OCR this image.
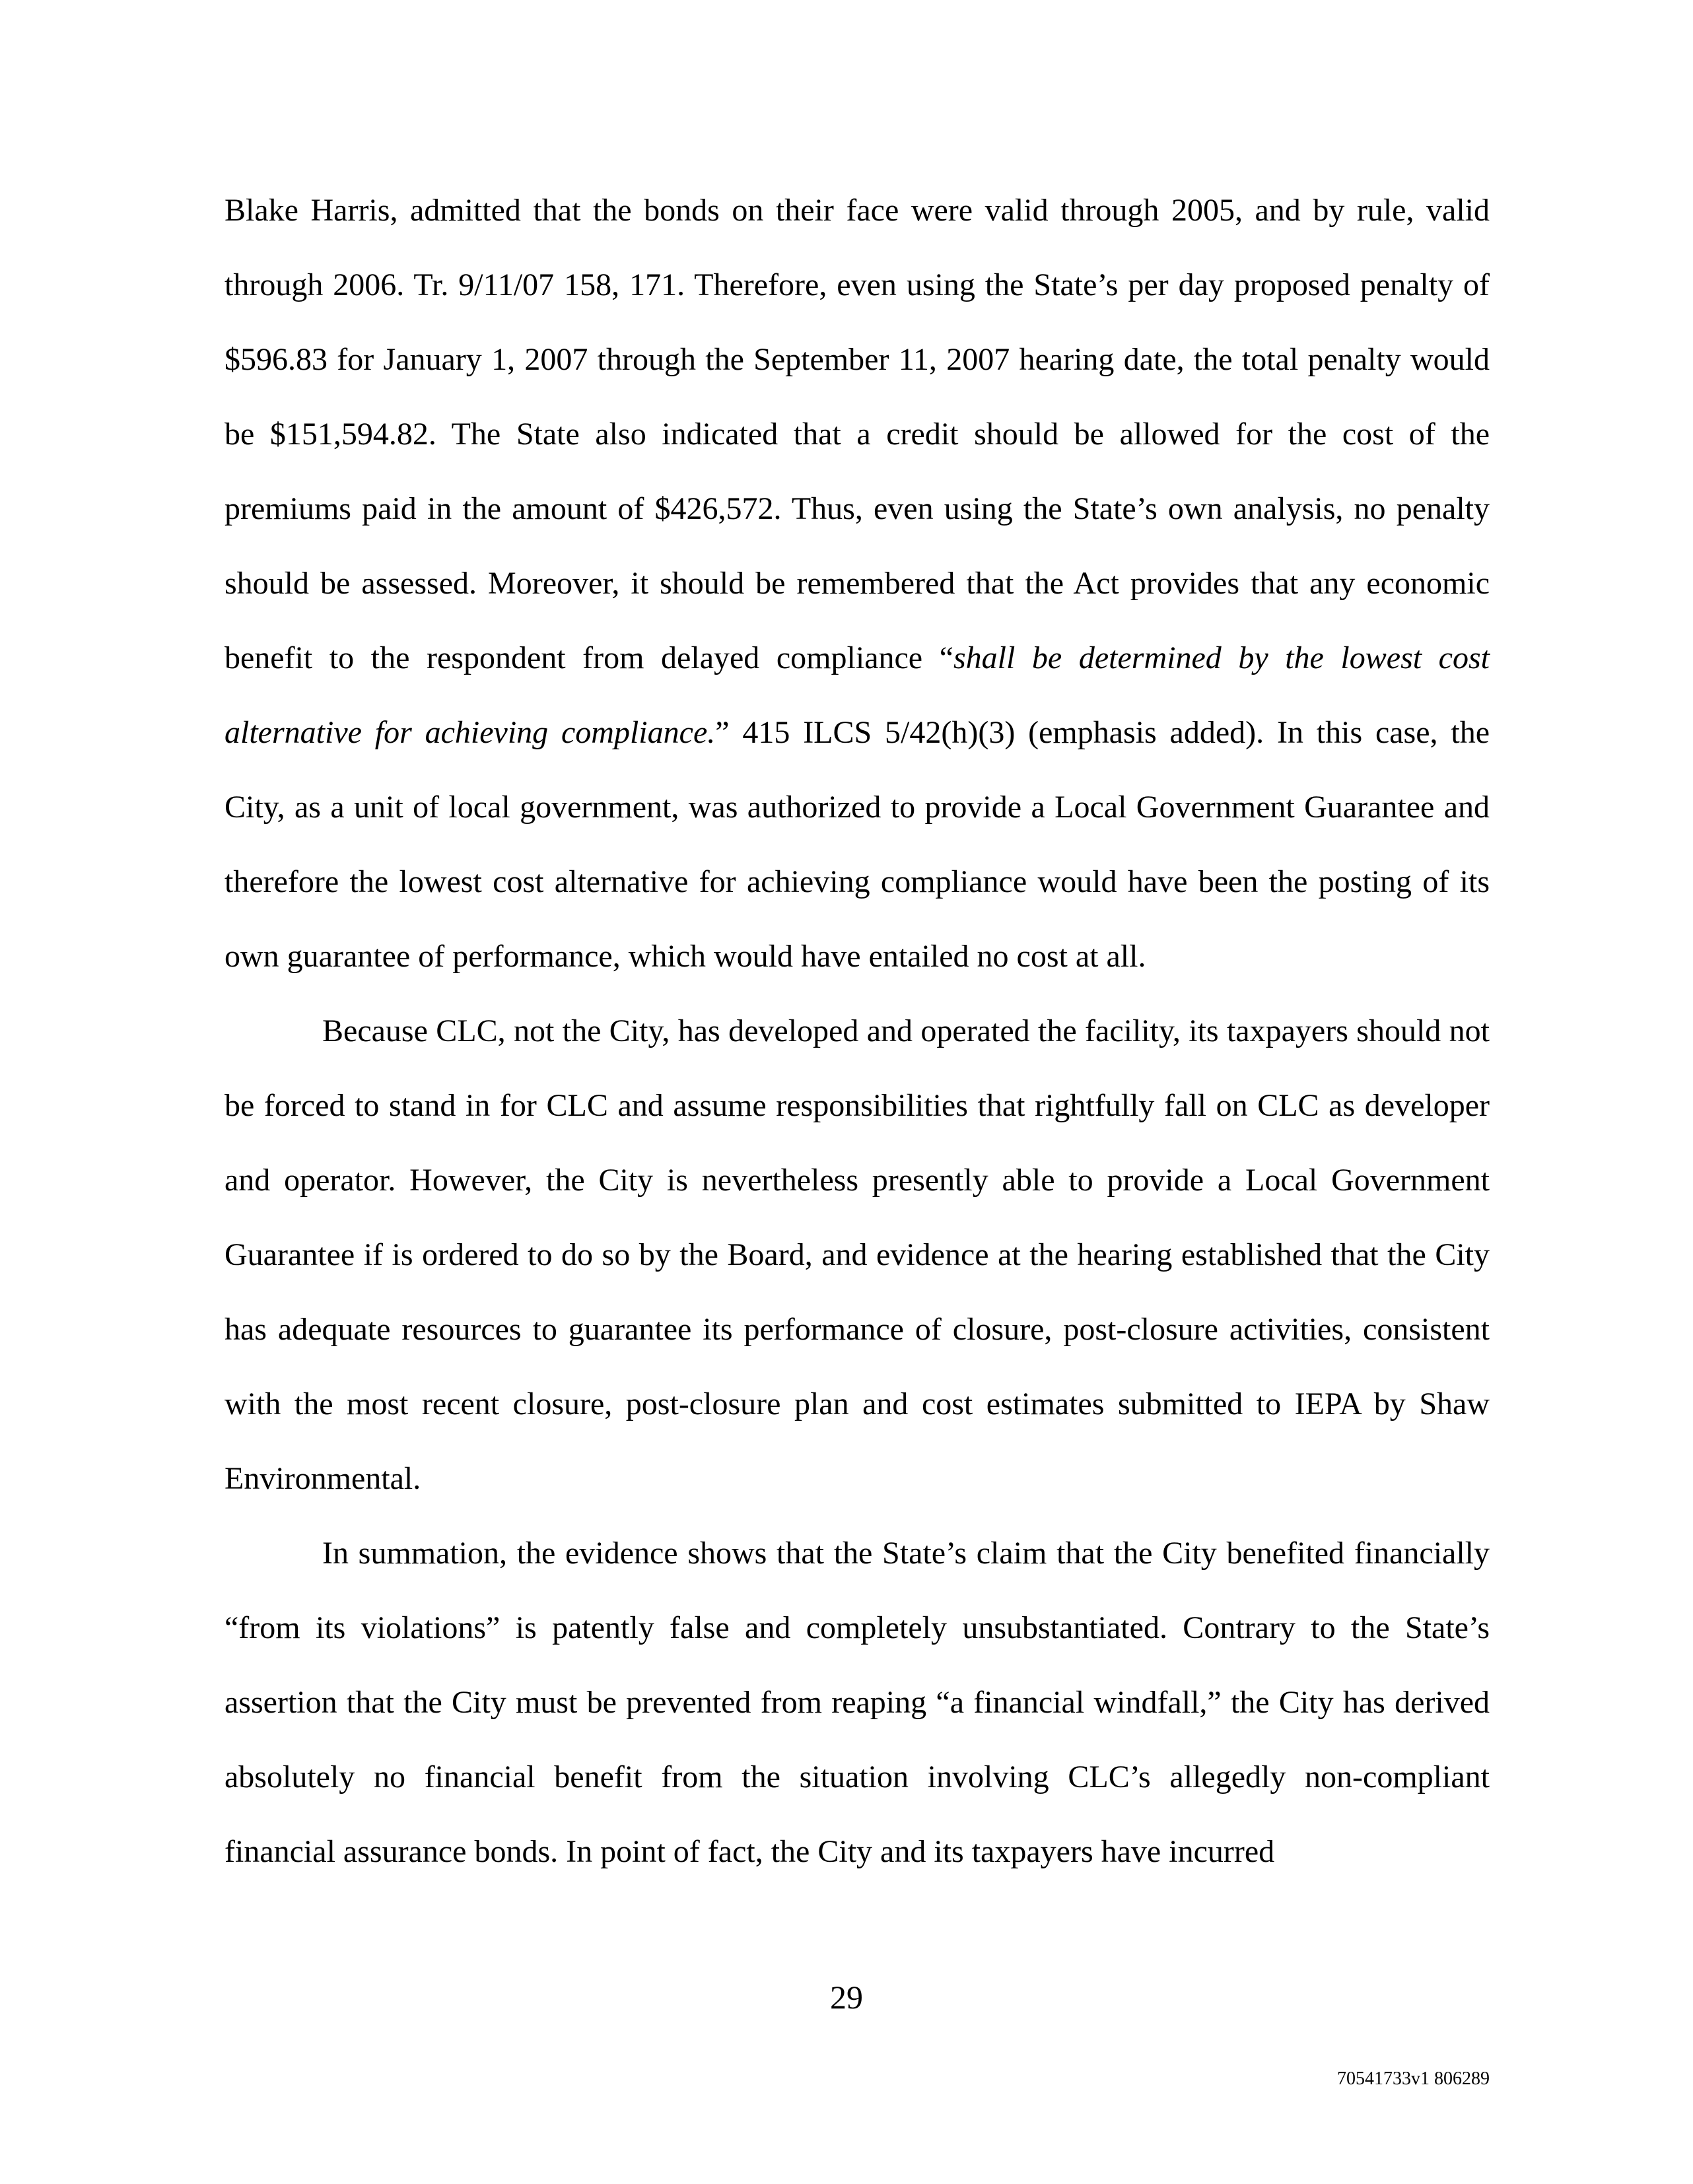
Blake Harris, admitted that the bonds on their face were valid through 2005, and by rule, valid through 2006. Tr. 9/11/07 158, 171. Therefore, even using the State’s per day proposed penalty of $596.83 for January 1, 2007 through the September 11, 2007 hearing date, the total penalty would be $151,594.82. The State also indicated that a credit should be allowed for the cost of the premiums paid in the amount of $426,572. Thus, even using the State’s own analysis, no penalty should be assessed. Moreover, it should be remembered that the Act provides that any economic benefit to the respondent from delayed compliance “shall be determined by the lowest cost alternative for achieving compliance.” 415 ILCS 5/42(h)(3) (emphasis added). In this case, the City, as a unit of local government, was authorized to provide a Local Government Guarantee and therefore the lowest cost alternative for achieving compliance would have been the posting of its own guarantee of performance, which would have entailed no cost at all.

Because CLC, not the City, has developed and operated the facility, its taxpayers should not be forced to stand in for CLC and assume responsibilities that rightfully fall on CLC as developer and operator. However, the City is nevertheless presently able to provide a Local Government Guarantee if is ordered to do so by the Board, and evidence at the hearing established that the City has adequate resources to guarantee its performance of closure, post-closure activities, consistent with the most recent closure, post-closure plan and cost estimates submitted to IEPA by Shaw Environmental.

In summation, the evidence shows that the State’s claim that the City benefited financially “from its violations” is patently false and completely unsubstantiated. Contrary to the State’s assertion that the City must be prevented from reaping “a financial windfall,” the City has derived absolutely no financial benefit from the situation involving CLC’s allegedly non-compliant financial assurance bonds. In point of fact, the City and its taxpayers have incurred

29
70541733v1 806289
